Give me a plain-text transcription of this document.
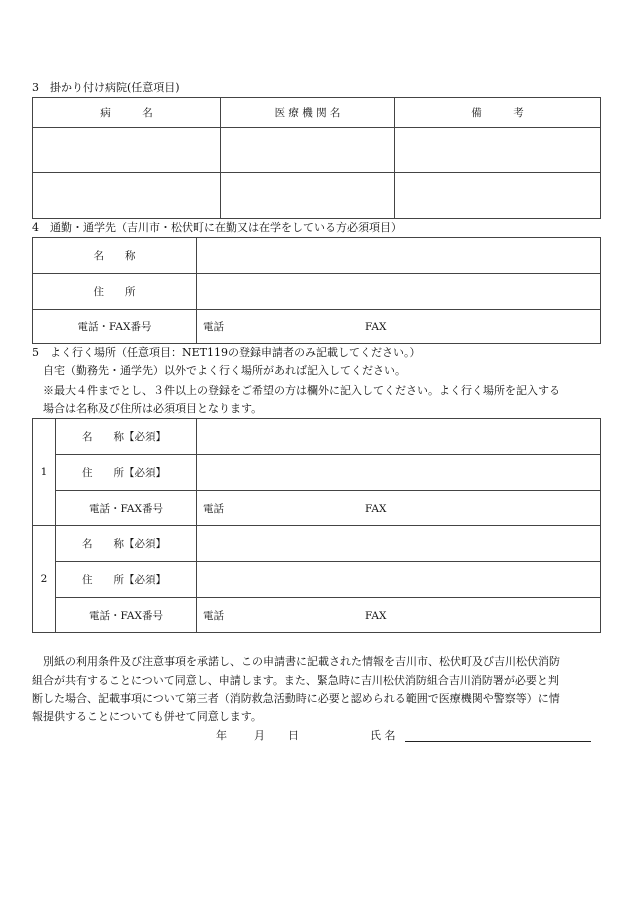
3　掛かり付け病院(任意項目)
病　　　名	医 療 機 関 名	備　　　考

4　通勤・通学先（吉川市・松伏町に在勤又は在学をしている方必須項目）
名　　称	
住　　所	
電話・FAX番号	電話 FAX
5　よく行く場所（任意項目：NET119の登録申請者のみ記載してください。）
自宅（勤務先・通学先）以外でよく行く場所があれば記入してください。
※最大４件までとし、３件以上の登録をご希望の方は欄外に記入してください。よく行く場所を記入する
場合は名称及び住所は必須項目となります。
1	名　　称【必須】	
	住　　所【必須】	
	電話・FAX番号	電話 FAX
2	名　　称【必須】	
	住　　所【必須】	
	電話・FAX番号	電話 FAX
別紙の利用条件及び注意事項を承諾し、この申請書に記載された情報を吉川市、松伏町及び吉川松伏消防
組合が共有することについて同意し、申請します。また、緊急時に吉川松伏消防組合吉川消防署が必要と判
断した場合、記載事項について第三者（消防救急活動時に必要と認められる範囲で医療機関や警察等）に情
報提供することについても併せて同意します。
年 月 日	氏 名
